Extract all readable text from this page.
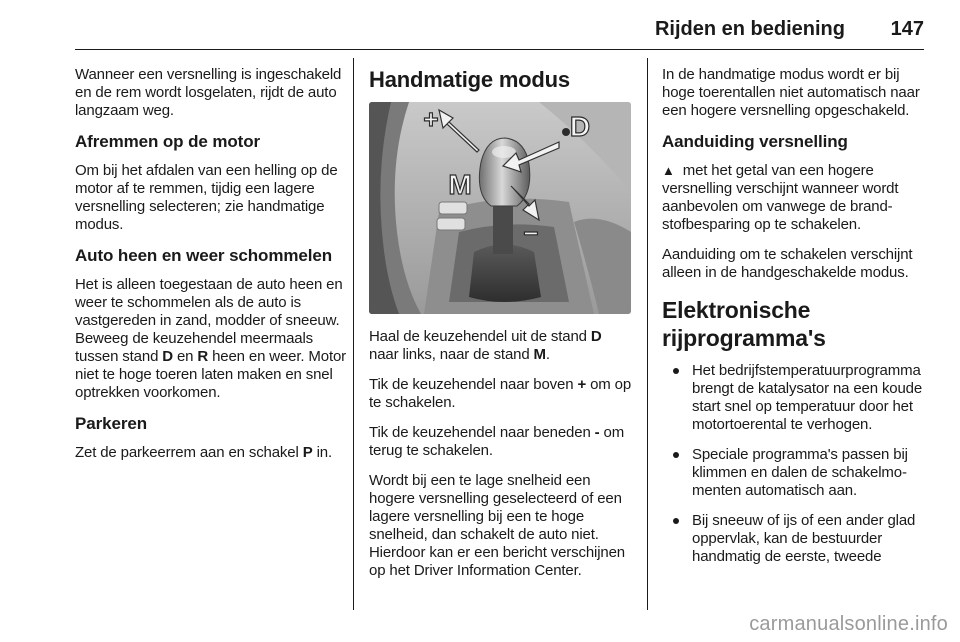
Rijden en bediening 147

Wanneer een versnelling is ingeschakeld en de rem wordt losgelaten, rijdt de auto langzaam weg.

Afremmen op de motor

Om bij het afdalen van een helling op de motor af te remmen, tijdig een lagere versnelling selecteren; zie handmatige modus.

Auto heen en weer schommelen

Het is alleen toegestaan de auto heen en weer te schommelen als de auto is vastgereden in zand, modder of sneeuw. Beweeg de keuzehendel meermaals tussen stand D en R heen en weer. Motor niet te hoge toeren laten maken en snel optrekken voorkomen.

Parkeren

Zet de parkeerrem aan en schakel P in.

Handmatige modus
+
−
D
M

Haal de keuzehendel uit de stand D naar links, naar de stand M.

Tik de keuzehendel naar boven + om op te schakelen.

Tik de keuzehendel naar beneden - om terug te schakelen.

Wordt bij een te lage snelheid een hogere versnelling geselecteerd of een lagere versnelling bij een te hoge snelheid, dan schakelt de auto niet. Hierdoor kan er een bericht verschijnen op het Driver Information Center.

In de handmatige modus wordt er bij hoge toerentallen niet automatisch naar een hogere versnelling opgeschakeld.

Aanduiding versnelling

▲ met het getal van een hogere versnelling verschijnt wanneer wordt aanbevolen om vanwege de brandstofbesparing op te schakelen.

Aanduiding om te schakelen verschijnt alleen in de handgeschakelde modus.

Elektronische rijprogramma's
Het bedrijfstemperatuurprogramma brengt de katalysator na een koude start snel op temperatuur door het motortoerental te verhogen.
Speciale programma's passen bij klimmen en dalen de schakelmomenten automatisch aan.
Bij sneeuw of ijs of een ander glad oppervlak, kan de bestuurder handmatig de eerste, tweede
carmanualsonline.info
